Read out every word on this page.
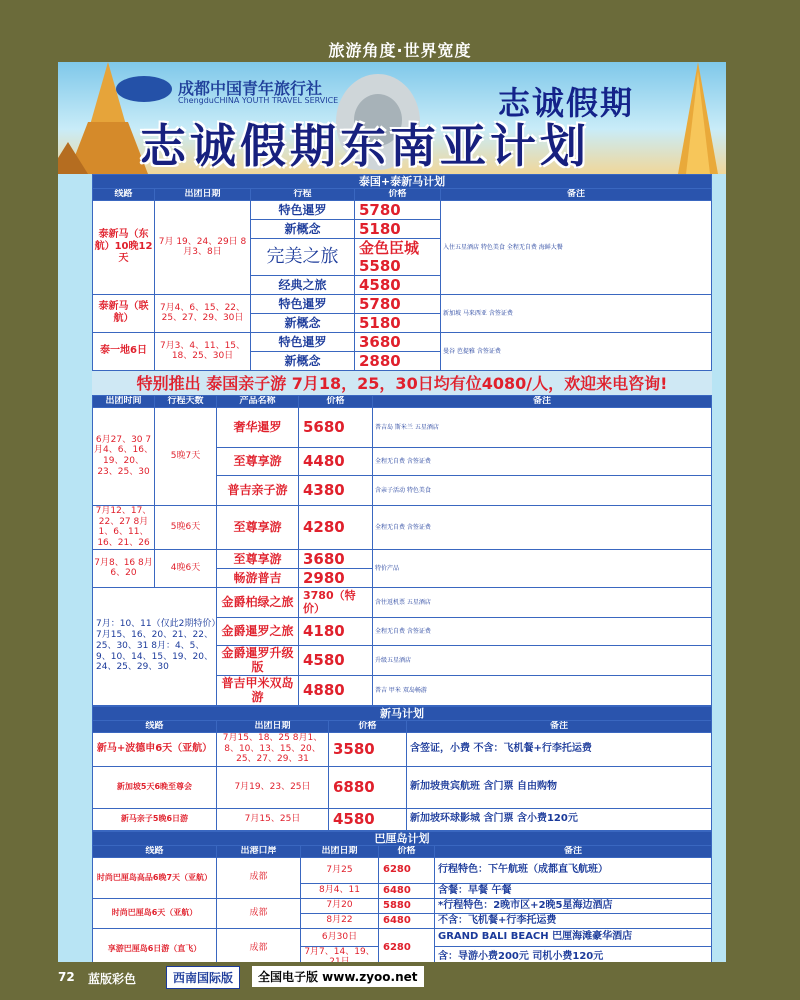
旅游角度·世界宽度
成都中国青年旅行社
ChengduCHINA YOUTH TRAVEL SERVICE	志诚假期
志诚假期东南亚计划
泰国+泰新马计划				
线路	出团日期	行程	价格	备注
泰新马（东航）10晚12天	7月 19、24、29日 8月3、8日	特色暹罗	5780	入住五星酒店 特色美食 全程无自费 海鲜大餐
		新概念	5180	
		完美之旅	金色臣城5580	
		经典之旅	4580	
泰新马（联航）	7月4、6、15、22、25、27、29、30日	特色暹罗	5780	新加坡 马来西亚 含签证费
		新概念	5180	
泰一地6日	7月3、4、11、15、18、25、30日	特色暹罗	3680	曼谷 芭提雅 含签证费
		新概念	2880	
特别推出 泰国亲子游 7月18，25，30日均有位4080/人，欢迎来电咨询!
出团时间	行程天数	产品名称	价格	备注
6月27、30 7月4、6、16、19、20、23、25、30	5晚7天	奢华暹罗	5680	普吉岛 斯米兰 五星酒店
		至尊享游	4480	全程无自费 含签证费
		普吉亲子游	4380	含亲子活动 特色美食
7月12、17、22、27 8月1、6、11、16、21、26	5晚6天	至尊享游	4280	全程无自费 含签证费
7月8、16 8月6、20	4晚6天	至尊享游	3680	特价产品
		畅游普吉	2980	
7月：10、11（仅此2期特价）7月15、16、20、21、22、25、30、31 8月：4、5、9、10、14、15、19、20、24、25、29、30		金爵柏绿之旅	3780（特价）	含往返机票 五星酒店
		金爵暹罗之旅	4180	全程无自费 含签证费
		金爵暹罗升级版	4580	升级五星酒店
		普吉甲米双岛游	4880	普吉 甲米 双岛畅游
新马计划			
线路	出团日期	价格	备注
新马+波德申6天（亚航）	7月15、18、25 8月1、8、10、13、15、20、25、27、29、31	3580	含签证，小费 不含：飞机餐+行李托运费
新加坡5天6晚至尊会	7月19、23、25日	6880	新加坡贵宾航班 含门票 自由购物
新马亲子5晚6日游	7月15、25日	4580	新加坡环球影城 含门票 含小费120元
巴厘岛计划				
线路	出港口岸	出团日期	价格	备注
时尚巴厘岛高品6晚7天（亚航）	成都	7月25	6280	行程特色：下午航班（成都直飞航班）
		8月4、11	6480	含餐：早餐 午餐
时尚巴厘岛6天（亚航）	成都	7月20	5880	*行程特色：2晚市区+2晚5星海边酒店
		8月22	6480	不含：飞机餐+行李托运费
享游巴厘岛6日游（直飞）	成都	6月30日	6280	GRAND BALI BEACH 巴厘海滩豪华酒店
		7月7、14、19、		含：导游小费200元 司机小费120元
72 蓝版彩色	西南国际版	全国电子版 www.zyoo.net
